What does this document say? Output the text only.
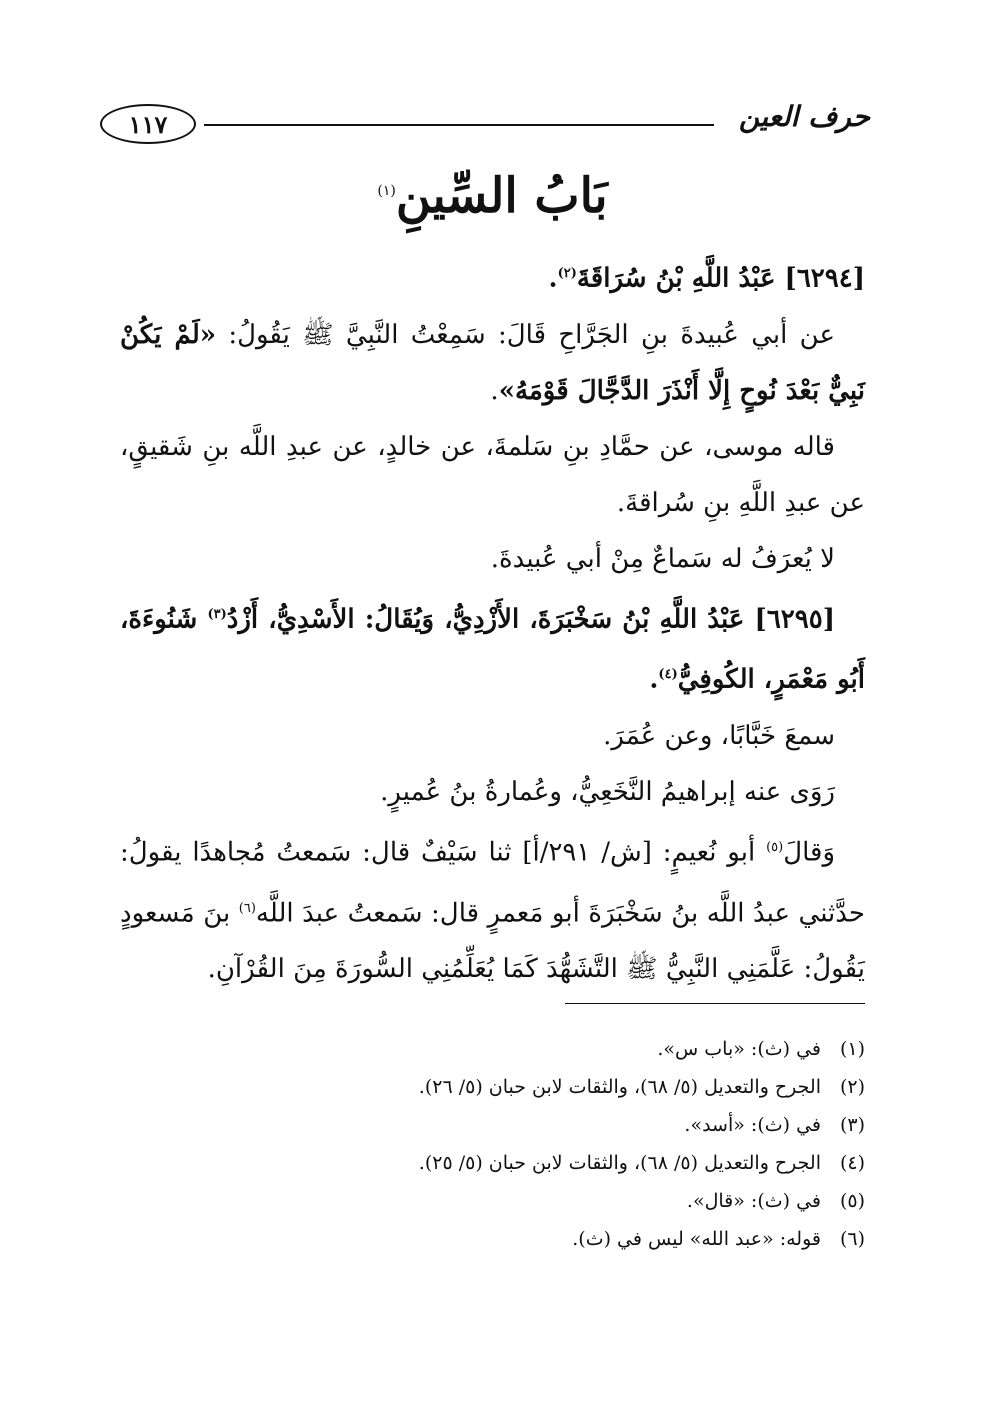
حرف العين
١١٧
بَابُ السِّينِ$^{(١)}$

[٦٢٩٤] عَبْدُ اللَّهِ بْنُ سُرَاقَةَ$^{(٢)}$.

عن أبي عُبيدةَ بنِ الجَرَّاحِ قَالَ: سَمِعْتُ النَّبِيَّ ﷺ يَقُولُ: «لَمْ يَكُنْ نَبِيٌّ بَعْدَ نُوحٍ إِلَّا أَنْذَرَ الدَّجَّالَ قَوْمَهُ».

قاله موسى، عن حمَّادِ بنِ سَلمةَ، عن خالدٍ، عن عبدِ اللَّه بنِ شَقيقٍ، عن عبدِ اللَّهِ بنِ سُراقةَ.

لا يُعرَفُ له سَماعٌ مِنْ أبي عُبيدةَ.

[٦٢٩٥] عَبْدُ اللَّهِ بْنُ سَخْبَرَةَ، الأَزْدِيُّ، وَيُقَالُ: الأَسْدِيُّ، أَزْدُ$^{(٣)}$ شَنُوءَةَ، أَبُو مَعْمَرٍ، الكُوفِيُّ$^{(٤)}$.

سمعَ خَبَّابًا، وعن عُمَرَ.

رَوَى عنه إبراهيمُ النَّخَعِيُّ، وعُمارةُ بنُ عُميرٍ.

وَقالَ$^{(٥)}$ أبو نُعيمٍ: [ش/ ٢٩١/أ] ثنا سَيْفٌ قال: سَمعتُ مُجاهدًا يقولُ: حدَّثني عبدُ اللَّه بنُ سَخْبَرَةَ أبو مَعمرٍ قال: سَمعتُ عبدَ اللَّه$^{(٦)}$ بنَ مَسعودٍ يَقُولُ: عَلَّمَنِي النَّبِيُّ ﷺ التَّشَهُّدَ كَمَا يُعَلِّمُنِي السُّورَةَ مِنَ القُرْآنِ.

(١)
في (ث): «باب س».
(٢)
الجرح والتعديل (٥/ ٦٨)، والثقات لابن حبان (٥/ ٢٦).
(٣)
في (ث): «أسد».
(٤)
الجرح والتعديل (٥/ ٦٨)، والثقات لابن حبان (٥/ ٢٥).
(٥)
في (ث): «قال».
(٦)
قوله: «عبد الله» ليس في (ث).
